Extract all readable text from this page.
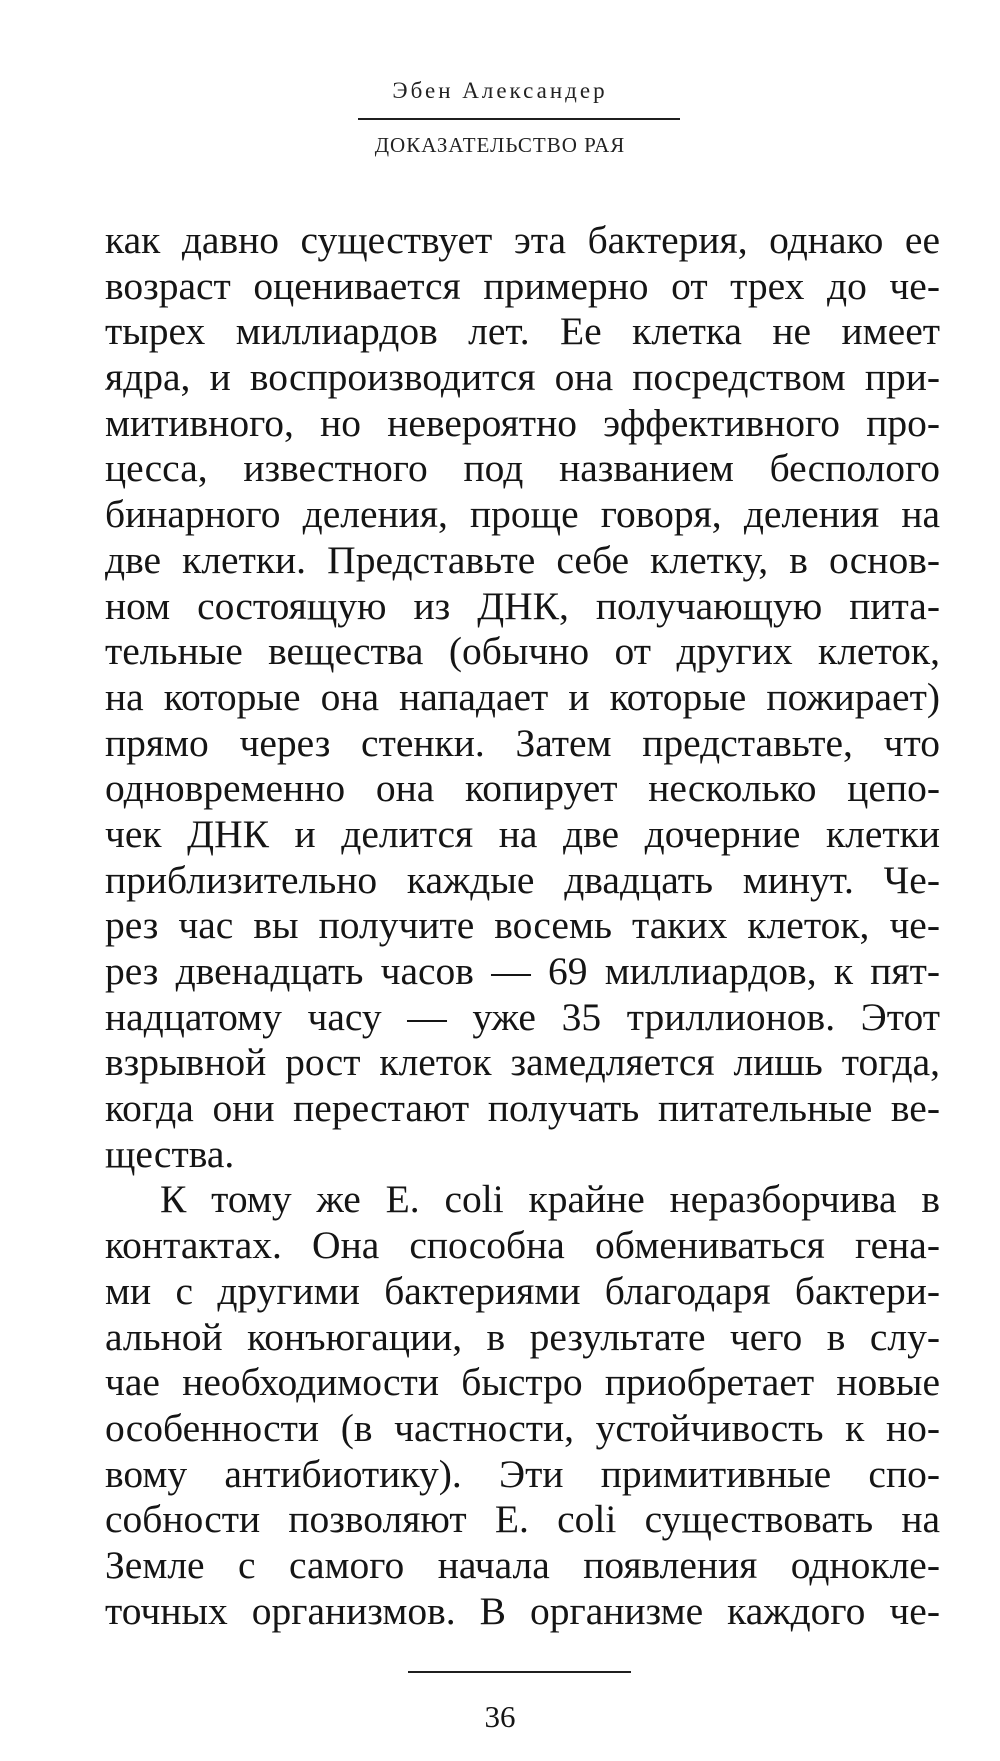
Эбен Александер
ДОКАЗАТЕЛЬСТВО РАЯ
как давно существует эта бактерия, однако ее
возраст оценивается примерно от трех до че-
тырех миллиардов лет. Ее клетка не имеет
ядра, и воспроизводится она посредством при-
митивного, но невероятно эффективного про-
цесса, известного под названием бесполого
бинарного деления, проще говоря, деления на
две клетки. Представьте себе клетку, в основ-
ном состоящую из ДНК, получающую пита-
тельные вещества (обычно от других клеток,
на которые она нападает и которые пожирает)
прямо через стенки. Затем представьте, что
одновременно она копирует несколько цепо-
чек ДНК и делится на две дочерние клетки
приблизительно каждые двадцать минут. Че-
рез час вы получите восемь таких клеток, че-
рез двенадцать часов — 69 миллиардов, к пят-
надцатому часу — уже 35 триллионов. Этот
взрывной рост клеток замедляется лишь тогда,
когда они перестают получать питательные ве-
щества.
К тому же E. coli крайне неразборчива в
контактах. Она способна обмениваться гена-
ми с другими бактериями благодаря бактери-
альной конъюгации, в результате чего в слу-
чае необходимости быстро приобретает новые
особенности (в частности, устойчивость к но-
вому антибиотику). Эти примитивные спо-
собности позволяют E. coli существовать на
Земле с самого начала появления однокле-
точных организмов. В организме каждого че-
36
